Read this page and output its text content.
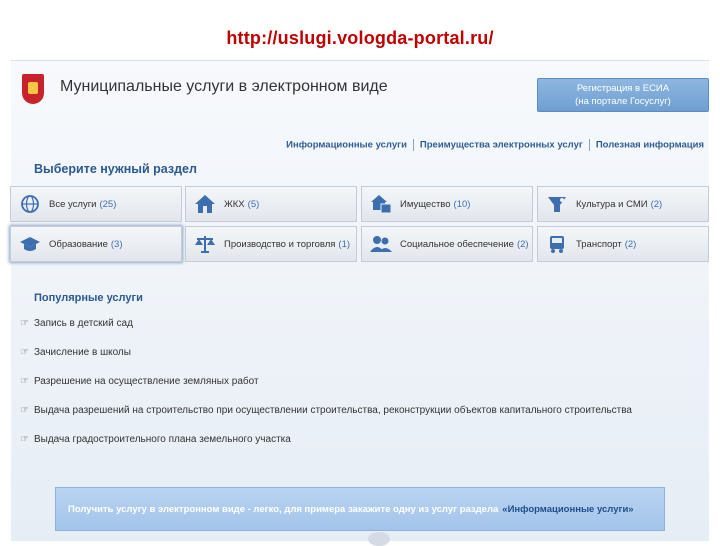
http://uslugi.vologda-portal.ru/
Муниципальные услуги в электронном виде	Регистрация в ЕСИА
(на портале Госуслуг)
Информационные услуги Преимущества электронных услуг Полезная информация
Выберите нужный раздел
Все услуги (25)	ЖКХ (5)	Имущество (10)	Культура и СМИ (2)
Образование (3)	Производство и торговля (1)	Социальное обеспечение (2)	Транспорт (2)
Популярные услуги
☞ Запись в детский сад
☞ Зачисление в школы
☞ Разрешение на осуществление земляных работ
☞ Выдача разрешений на строительство при осуществлении строительства, реконструкции объектов капитального строительства
☞ Выдача градостроительного плана земельного участка
Получить услугу в электронном виде - легко, для примера закажите одну из услуг раздела «Информационные услуги»
